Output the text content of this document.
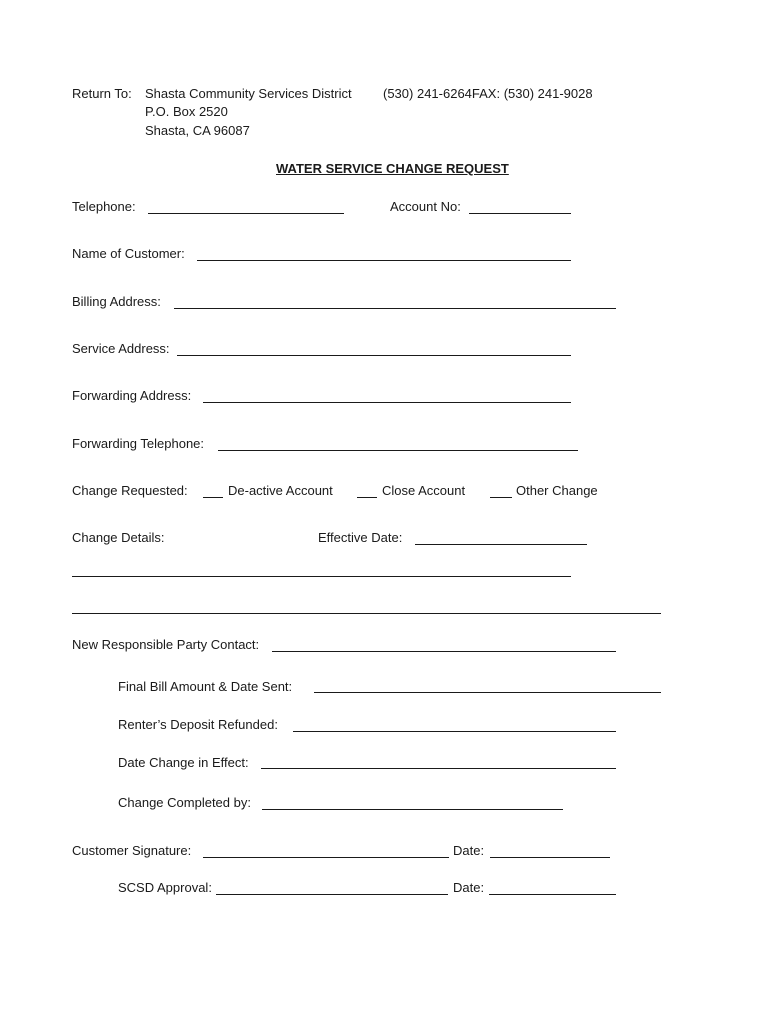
Return To: Shasta Community Services District (530) 241-6264FAX: (530) 241-9028
P.O. Box 2520
Shasta, CA 96087
WATER SERVICE CHANGE REQUEST
Telephone:	Account No:
Name of Customer:
Billing Address:
Service Address:
Forwarding Address:
Forwarding Telephone:
Change Requested:	De-active Account	Close Account	Other Change
Change Details:	Effective Date:
New Responsible Party Contact:
Final Bill Amount & Date Sent:
Renter’s Deposit Refunded:
Date Change in Effect:
Change Completed by:
Customer Signature:	Date:
SCSD Approval:	Date:
